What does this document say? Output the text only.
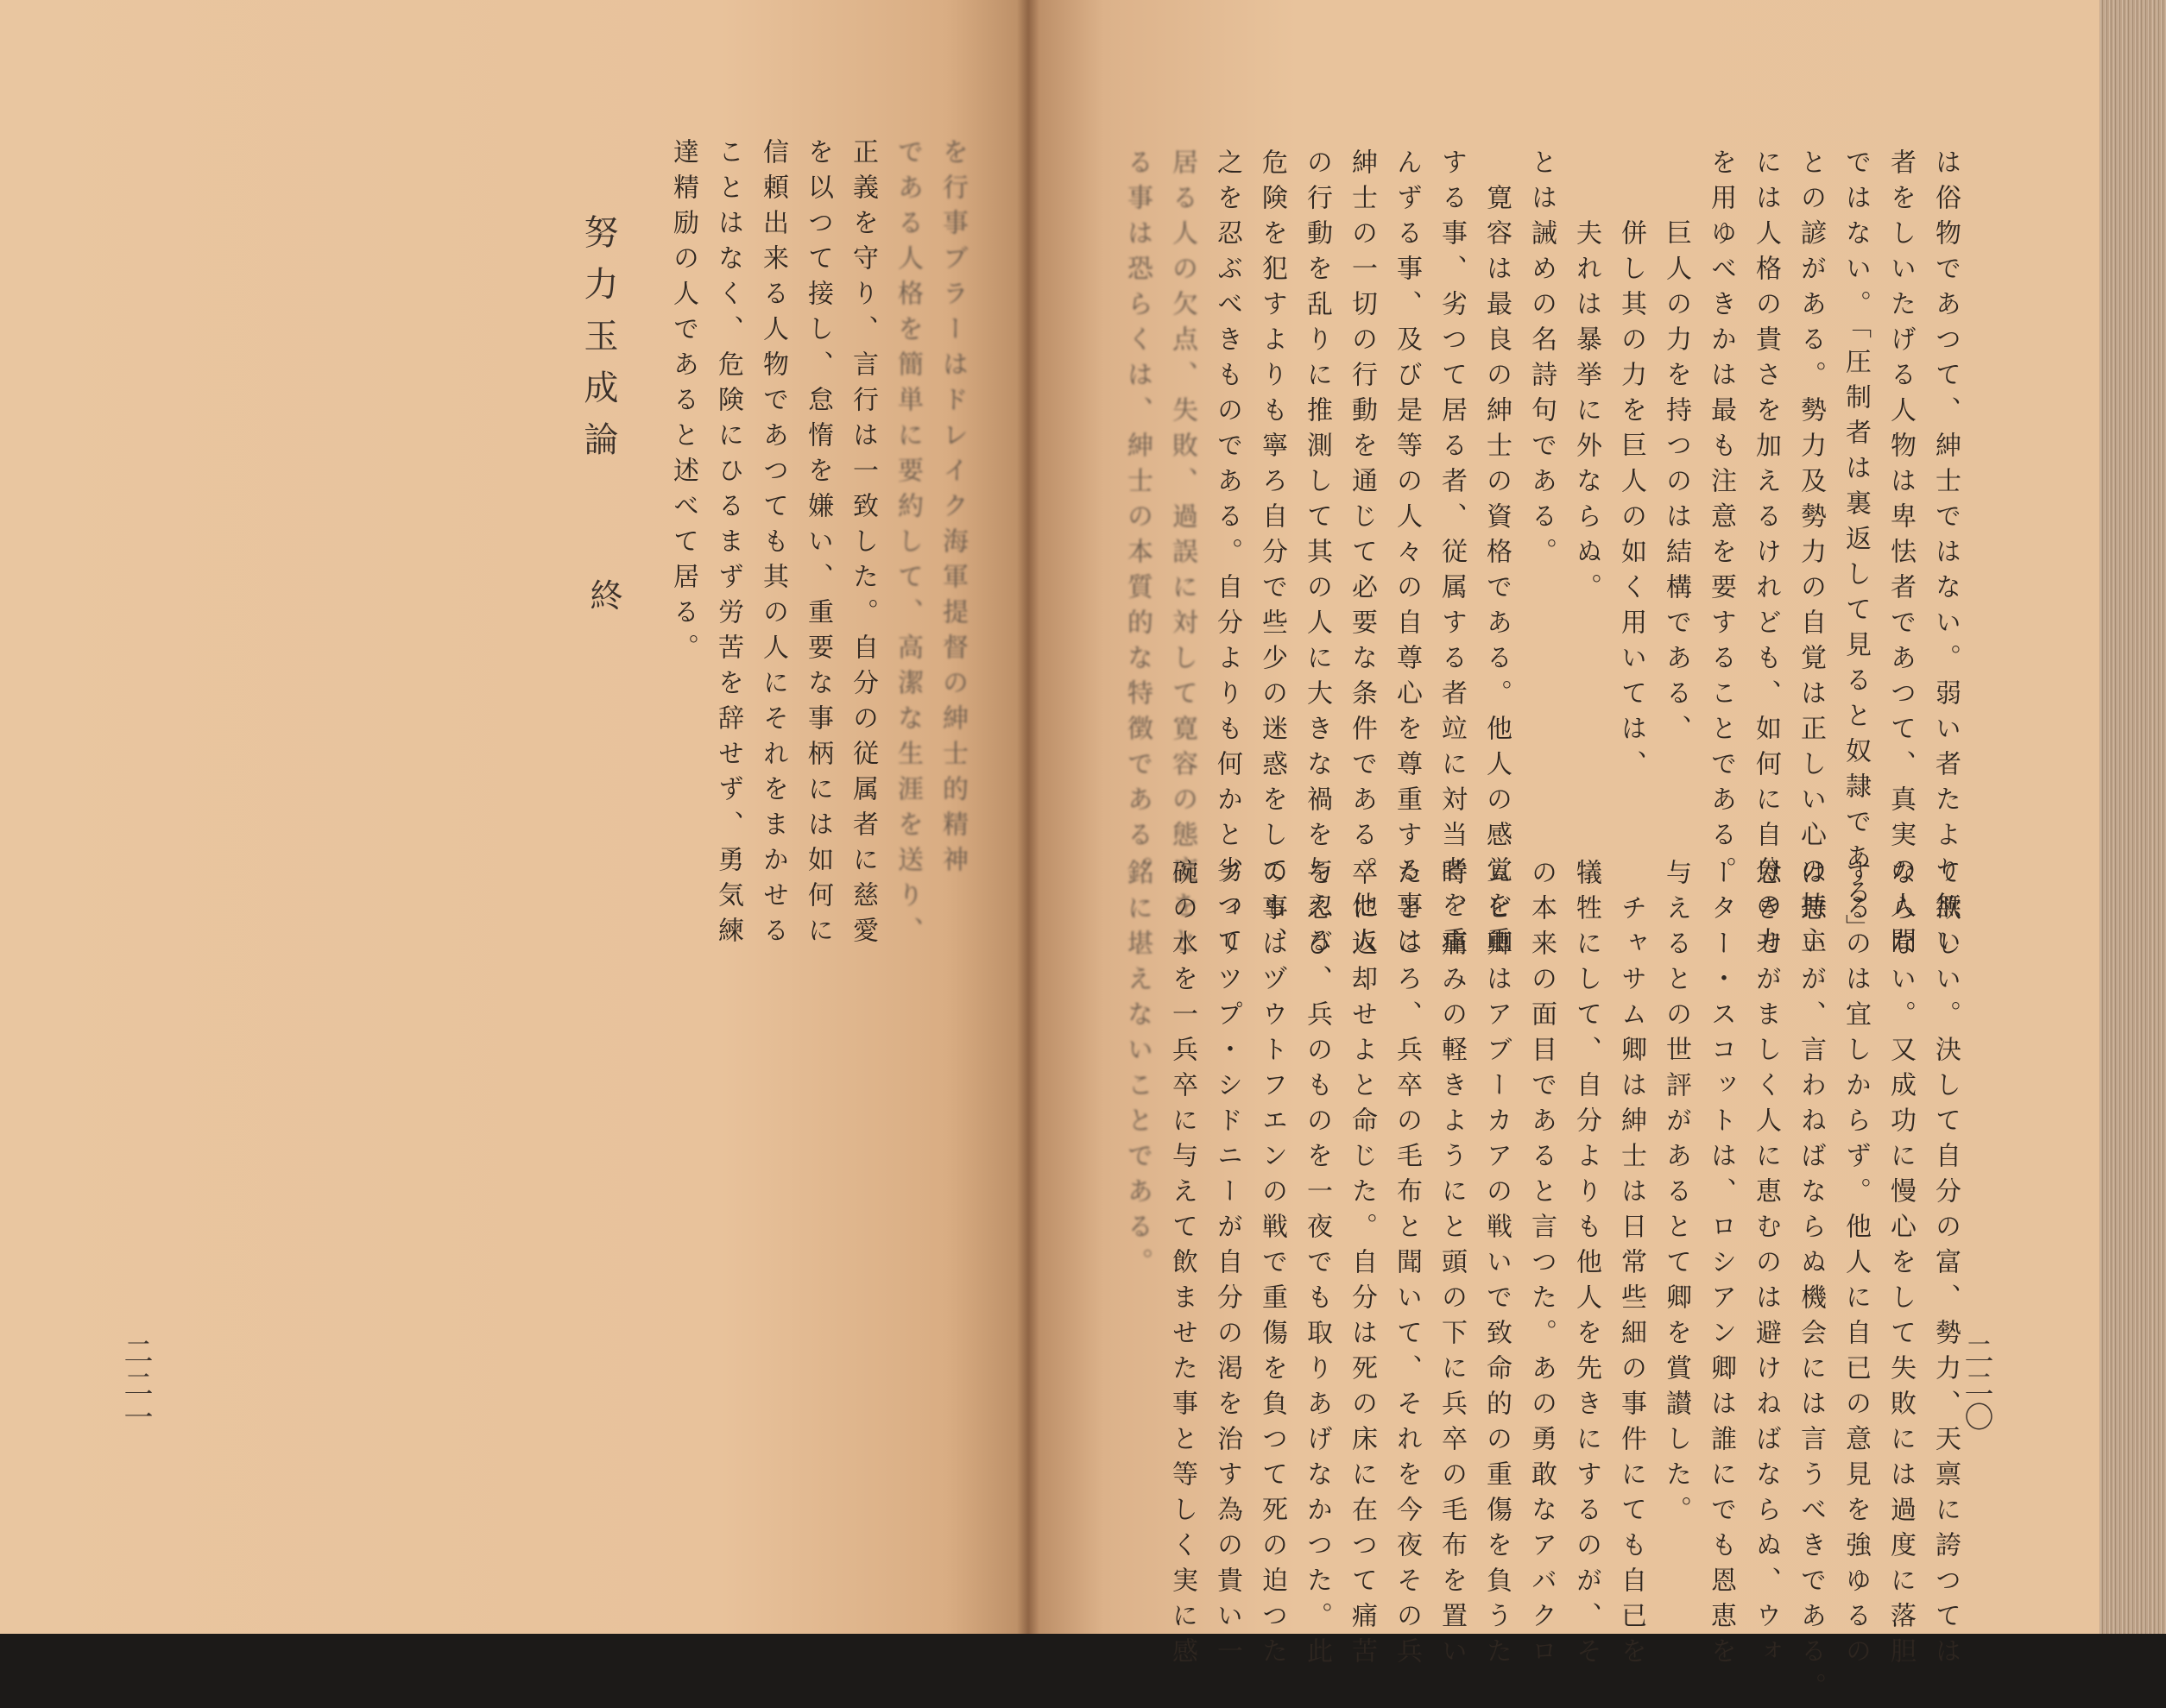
を行事ブラーはドレイク海軍提督の紳士的精神
である人格を簡単に要約して、高潔な生涯を送り、
正義を守り、言行は一致した。自分の従属者に慈愛
を以つて接し、怠惰を嫌い、重要な事柄には如何に
信頼出来る人物であつても其の人にそれをまかせる
ことはなく、危険にひるまず労苦を辞せず、勇気練
達精励の人であると述べて居る。
努力玉成論
終
二二一
は俗物であつて、紳士ではない。弱い者たより無い
者をしいたげる人物は卑怯者であつて、真実の人間
ではない。「圧制者は裏返して見ると奴隷である」
との諺がある。勢力及勢力の自覚は正しい心の持主
には人格の貴さを加えるけれども、如何に自分の力
を用ゆべきかは最も注意を要することである。
　　巨人の力を持つのは結構である、
　　併し其の力を巨人の如く用いては、
　　夫れは暴挙に外ならぬ。
とは誡めの名詩句である。
　寛容は最良の紳士の資格である。他人の感覚を重
する事、劣つて居る者、従属する者竝に対当者を重
んずる事、及び是等の人々の自尊心を尊重する事は
紳士の一切の行動を通じて必要な条件である。他人
の行動を乱りに推測して其の人に大きな禍を与える
危険を犯すよりも寧ろ自分で些少の迷惑をしても、
之を忍ぶべきものである。自分よりも何かと劣つて
居る人の欠点、失敗、過誤に対して寛容の態度をと
る事は恐らくは、紳士の本質的な特徴である。
て欲しい。決して自分の富、勢力、天禀に誇つては
ならない。又成功に慢心をして失敗には過度に落胆
するのは宜しからず。他人に自已の意見を強ゆるの
は悪いが、言わねばならぬ機会には言うべきである。
恩きせがましく人に恵むのは避けねばならぬ、ウォ
ーター・スコットは、ロシアン卿は誰にでも恩恵を
与えるとの世評があるとて卿を賞讃した。
　チャサム卿は紳士は日常些細の事件にても自已を
犠牲にして、自分よりも他人を先きにするのが、そ
の本来の面目であると言つた。あの勇敢なアバクロ
ムビ卿はアブーカアの戦いで致命的の重傷を負うた
時、痛みの軽きようにと頭の下に兵卒の毛布を置い
たところ、兵卒の毛布と聞いて、それを今夜その兵
卒に返却せよと命じた。自分は死の床に在つて痛苦
を忍び、兵のものを一夜でも取りあげなかつた。此
の事はヅウトフエンの戦で重傷を負つて死の迫つた
フィリツプ・シドニーが自分の渇を治す為の貴い一
碗の水を一兵卒に与えて飲ませた事と等しく実に感
銘に堪えないことである。
二二〇
